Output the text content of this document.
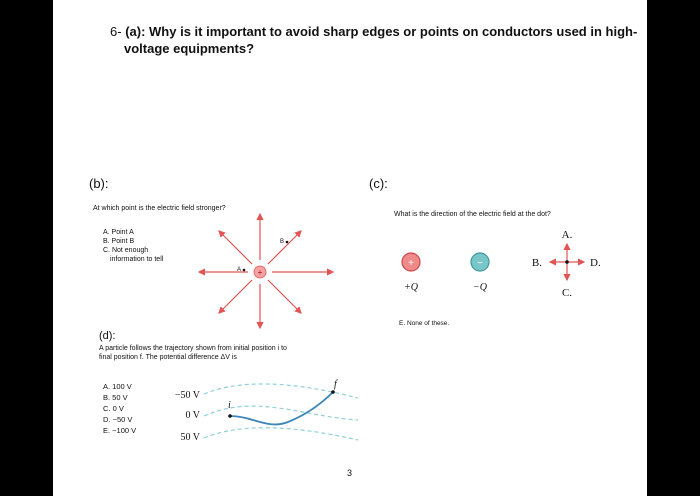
6- (a): Why is it important to avoid sharp edges or points on conductors used in high-
voltage equipments?
(b):
At which point is the electric field stronger?
A. Point A
B. Point B
C. Not enough
information to tell
+
A
B
(c):
What is the direction of the electric field at the dot?
+	−
+Q	−Q
A.
B.
C.
D.
E. None of these.
(d):
A particle follows the trajectory shown from initial position i to
final position f. The potential difference ΔV is
A. 100 V
B. 50 V
C. 0 V
D. −50 V
E. −100 V
−50 V
0 V
50 V
i
f
3
